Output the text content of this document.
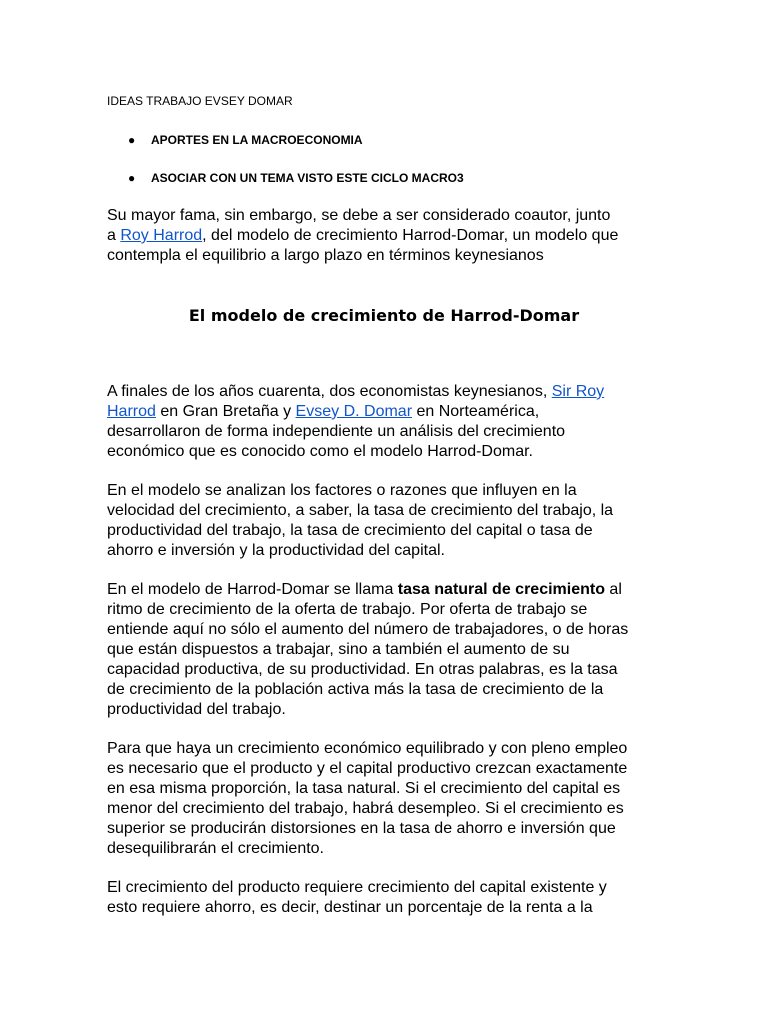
IDEAS TRABAJO EVSEY DOMAR
● APORTES EN LA MACROECONOMIA
● ASOCIAR CON UN TEMA VISTO ESTE CICLO MACRO3
Su mayor fama, sin embargo, se debe a ser considerado coautor, junto
a Roy Harrod, del modelo de crecimiento Harrod-Domar, un modelo que
contempla el equilibrio a largo plazo en términos keynesianos
El modelo de crecimiento de Harrod-Domar
A finales de los años cuarenta, dos economistas keynesianos, Sir Roy
Harrod en Gran Bretaña y Evsey D. Domar en Norteamérica,
desarrollaron de forma independiente un análisis del crecimiento
económico que es conocido como el modelo Harrod-Domar.
En el modelo se analizan los factores o razones que influyen en la
velocidad del crecimiento, a saber, la tasa de crecimiento del trabajo, la
productividad del trabajo, la tasa de crecimiento del capital o tasa de
ahorro e inversión y la productividad del capital.
En el modelo de Harrod-Domar se llama tasa natural de crecimiento al
ritmo de crecimiento de la oferta de trabajo. Por oferta de trabajo se
entiende aquí no sólo el aumento del número de trabajadores, o de horas
que están dispuestos a trabajar, sino a también el aumento de su
capacidad productiva, de su productividad. En otras palabras, es la tasa
de crecimiento de la población activa más la tasa de crecimiento de la
productividad del trabajo.
Para que haya un crecimiento económico equilibrado y con pleno empleo
es necesario que el producto y el capital productivo crezcan exactamente
en esa misma proporción, la tasa natural. Si el crecimiento del capital es
menor del crecimiento del trabajo, habrá desempleo. Si el crecimiento es
superior se producirán distorsiones en la tasa de ahorro e inversión que
desequilibrarán el crecimiento.
El crecimiento del producto requiere crecimiento del capital existente y
esto requiere ahorro, es decir, destinar un porcentaje de la renta a la
